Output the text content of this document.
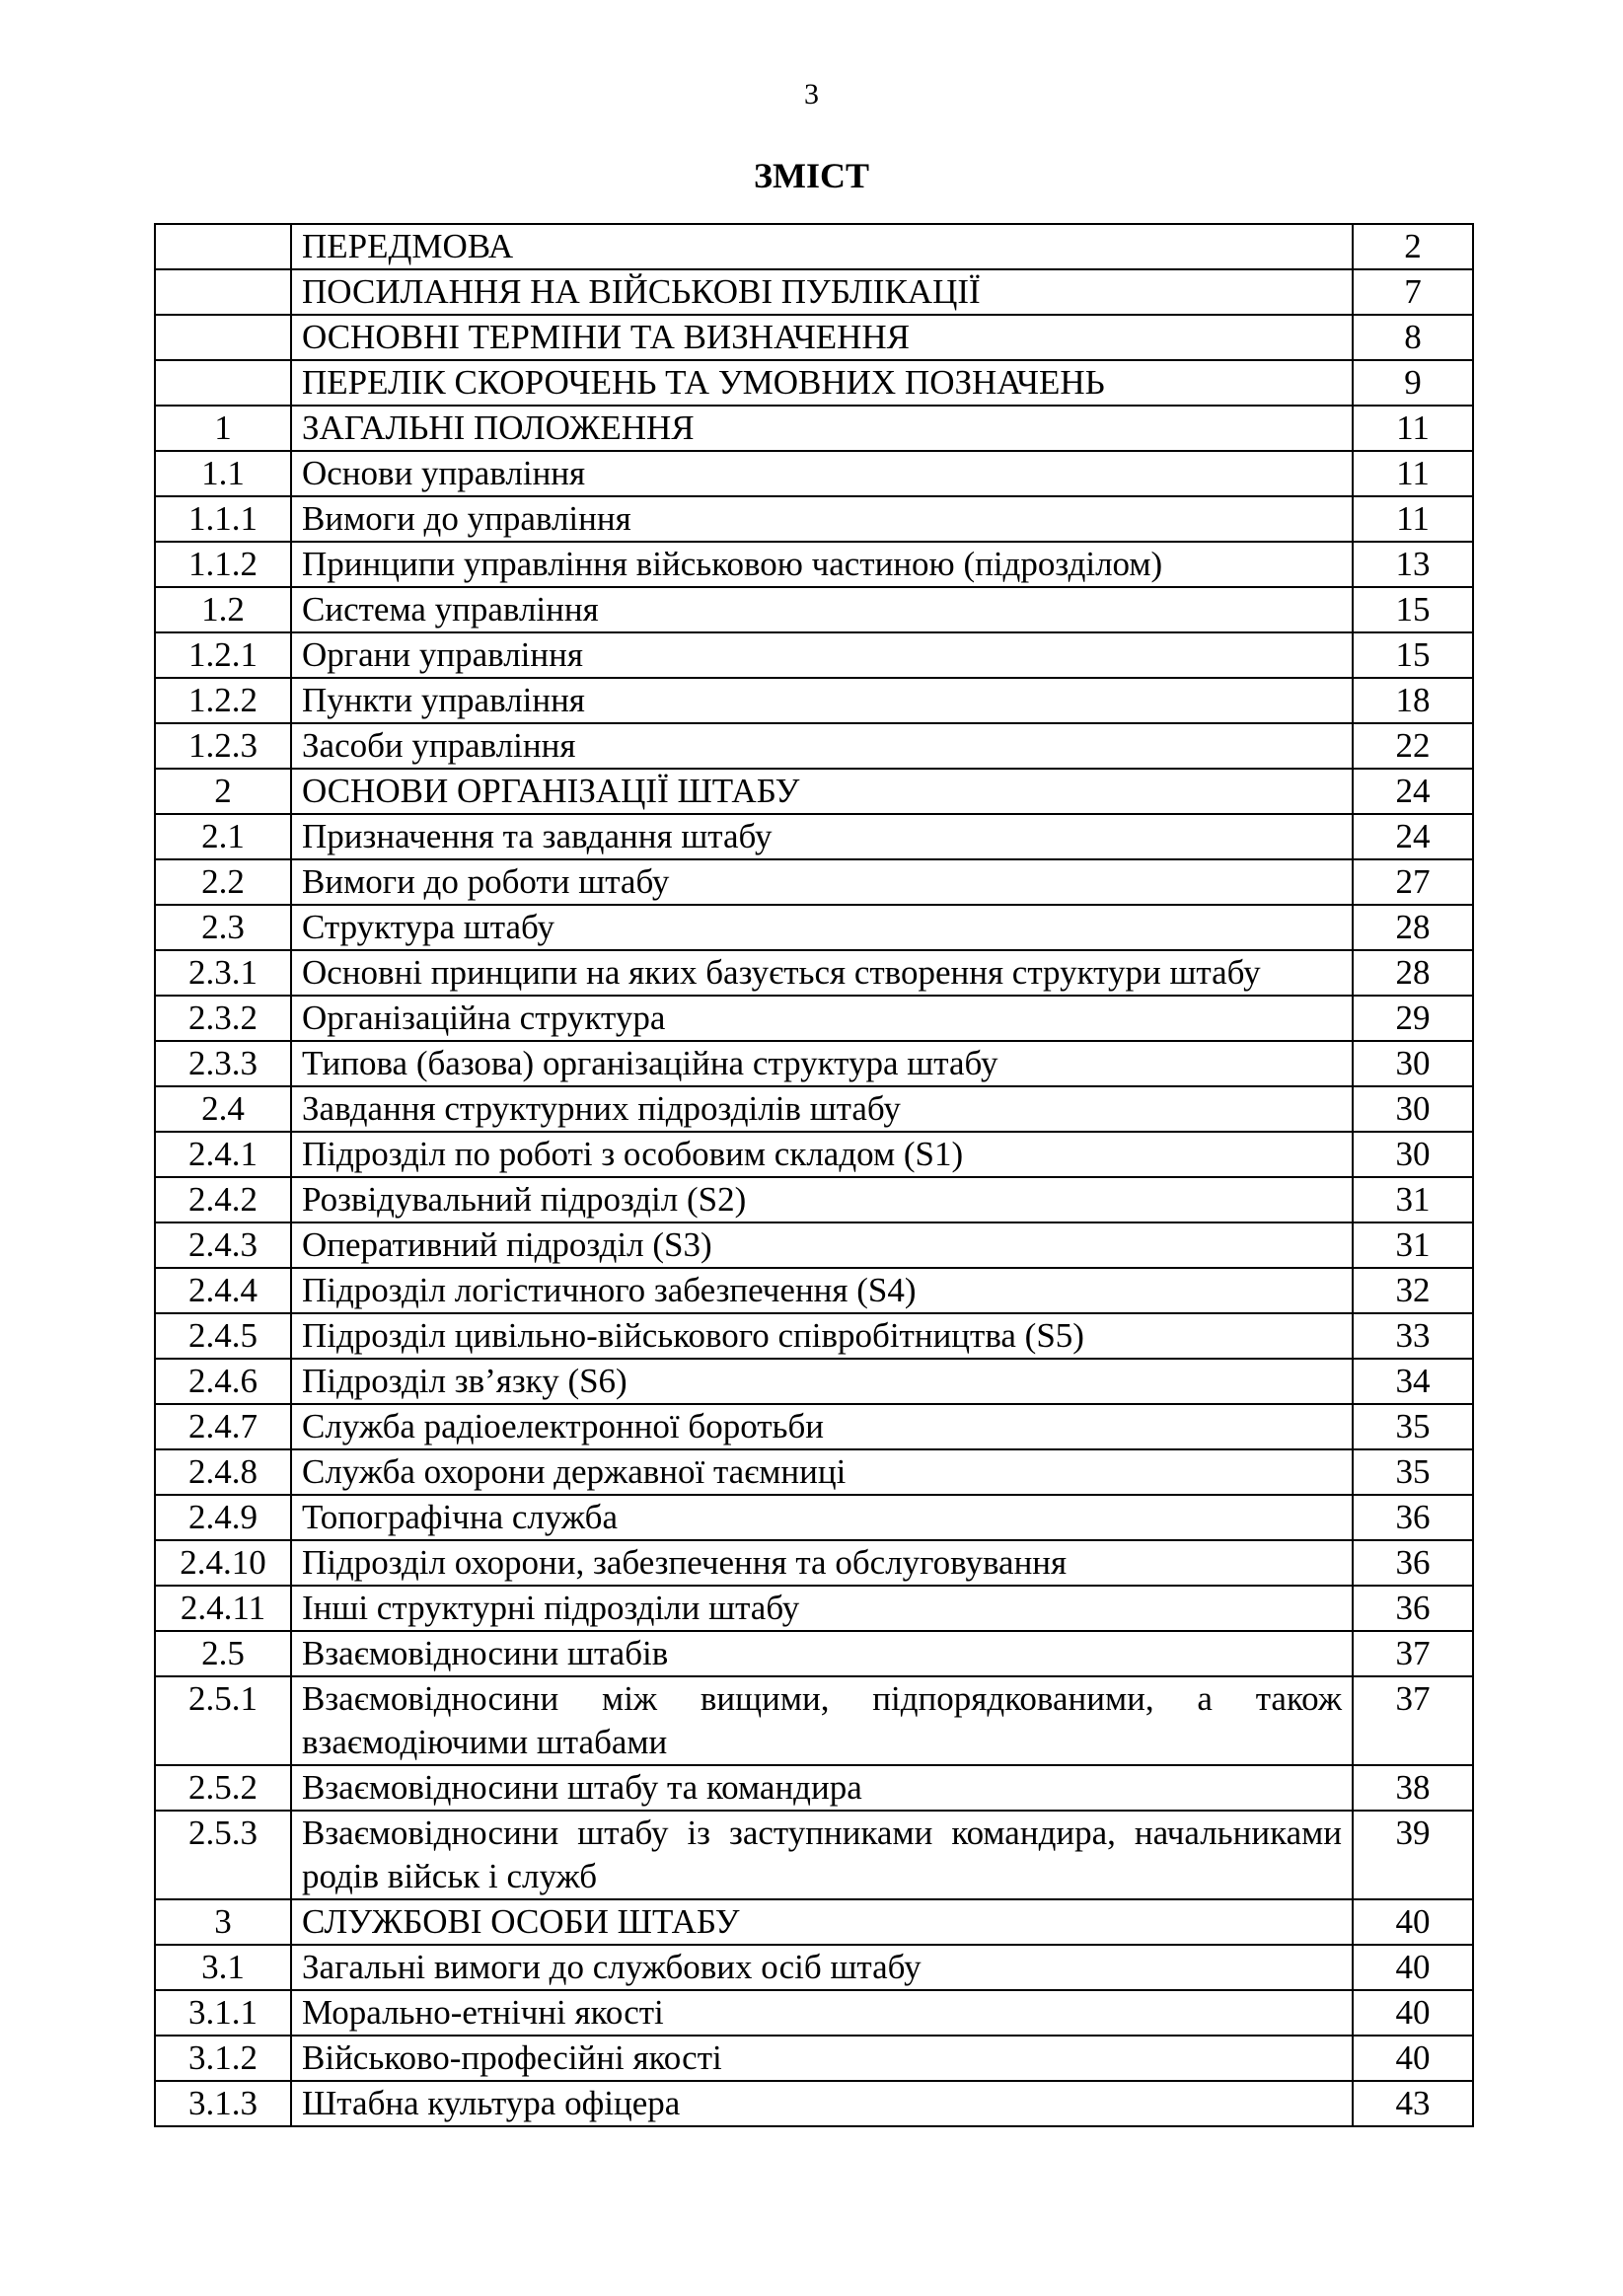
3
ЗМІСТ
	ПЕРЕДМОВА	2
	ПОСИЛАННЯ НА ВІЙСЬКОВІ ПУБЛІКАЦІЇ	7
	ОСНОВНІ ТЕРМІНИ ТА ВИЗНАЧЕННЯ	8
	ПЕРЕЛІК СКОРОЧЕНЬ ТА УМОВНИХ ПОЗНАЧЕНЬ	9
1	ЗАГАЛЬНІ ПОЛОЖЕННЯ	11
1.1	Основи управління	11
1.1.1	Вимоги до управління	11
1.1.2	Принципи управління військовою частиною (підрозділом)	13
1.2	Система управління	15
1.2.1	Органи управління	15
1.2.2	Пункти управління	18
1.2.3	Засоби управління	22
2	ОСНОВИ ОРГАНІЗАЦІЇ ШТАБУ	24
2.1	Призначення та завдання штабу	24
2.2	Вимоги до роботи штабу	27
2.3	Структура штабу	28
2.3.1	Основні принципи на яких базується створення структури штабу	28
2.3.2	Організаційна структура	29
2.3.3	Типова (базова) організаційна структура штабу	30
2.4	Завдання структурних підрозділів штабу	30
2.4.1	Підрозділ по роботі з особовим складом (S1)	30
2.4.2	Розвідувальний підрозділ (S2)	31
2.4.3	Оперативний підрозділ (S3)	31
2.4.4	Підрозділ логістичного забезпечення (S4)	32
2.4.5	Підрозділ цивільно-військового співробітництва (S5)	33
2.4.6	Підрозділ зв’язку (S6)	34
2.4.7	Служба радіоелектронної боротьби	35
2.4.8	Служба охорони державної таємниці	35
2.4.9	Топографічна служба	36
2.4.10	Підрозділ охорони, забезпечення та обслуговування	36
2.4.11	Інші структурні підрозділи штабу	36
2.5	Взаємовідносини штабів	37
2.5.1	Взаємовідносини між вищими, підпорядкованими, а також взаємодіючими штабами	37
2.5.2	Взаємовідносини штабу та командира	38
2.5.3	Взаємовідносини штабу із заступниками командира, начальниками родів військ і служб	39
3	СЛУЖБОВІ ОСОБИ ШТАБУ	40
3.1	Загальні вимоги до службових осіб штабу	40
3.1.1	Морально-етнічні якості	40
3.1.2	Військово-професійні якості	40
3.1.3	Штабна культура офіцера	43
